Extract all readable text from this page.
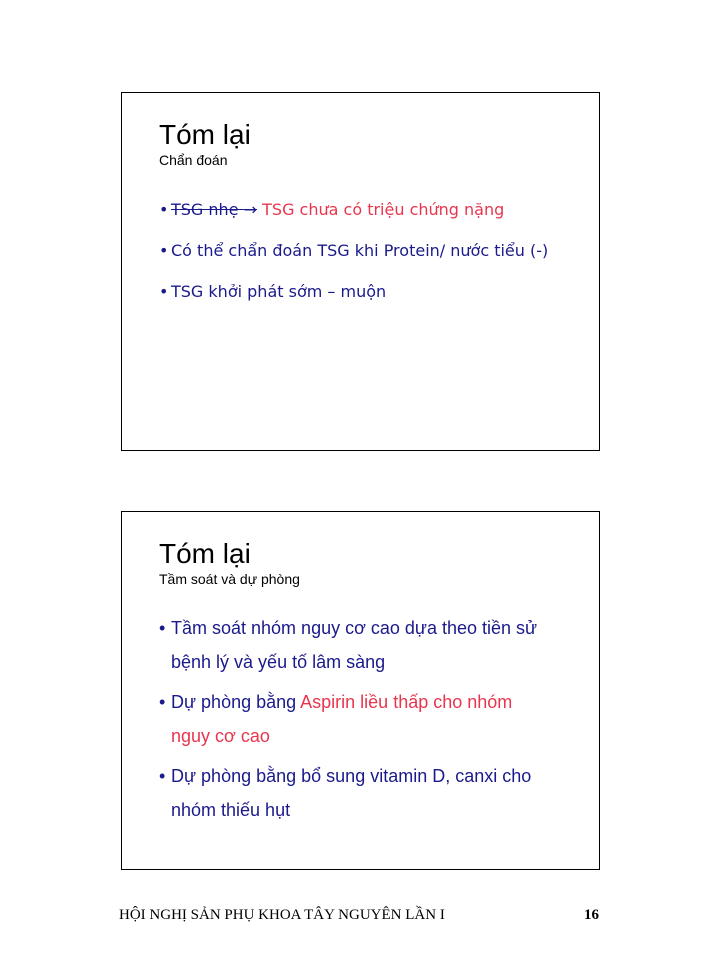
Tóm lại
Chẩn đoán
• TSG nhẹ → TSG chưa có triệu chứng nặng
• Có thể chẩn đoán TSG khi Protein/ nước tiểu (-)
• TSG khởi phát sớm – muộn
Tóm lại
Tầm soát và dự phòng
• Tầm soát nhóm nguy cơ cao dựa theo tiền sử
bệnh lý và yếu tố lâm sàng
• Dự phòng bằng Aspirin liều thấp cho nhóm
nguy cơ cao
• Dự phòng bằng bổ sung vitamin D, canxi cho
nhóm thiếu hụt
HỘI NGHỊ SẢN PHỤ KHOA TÂY NGUYÊN LẦN I	16
